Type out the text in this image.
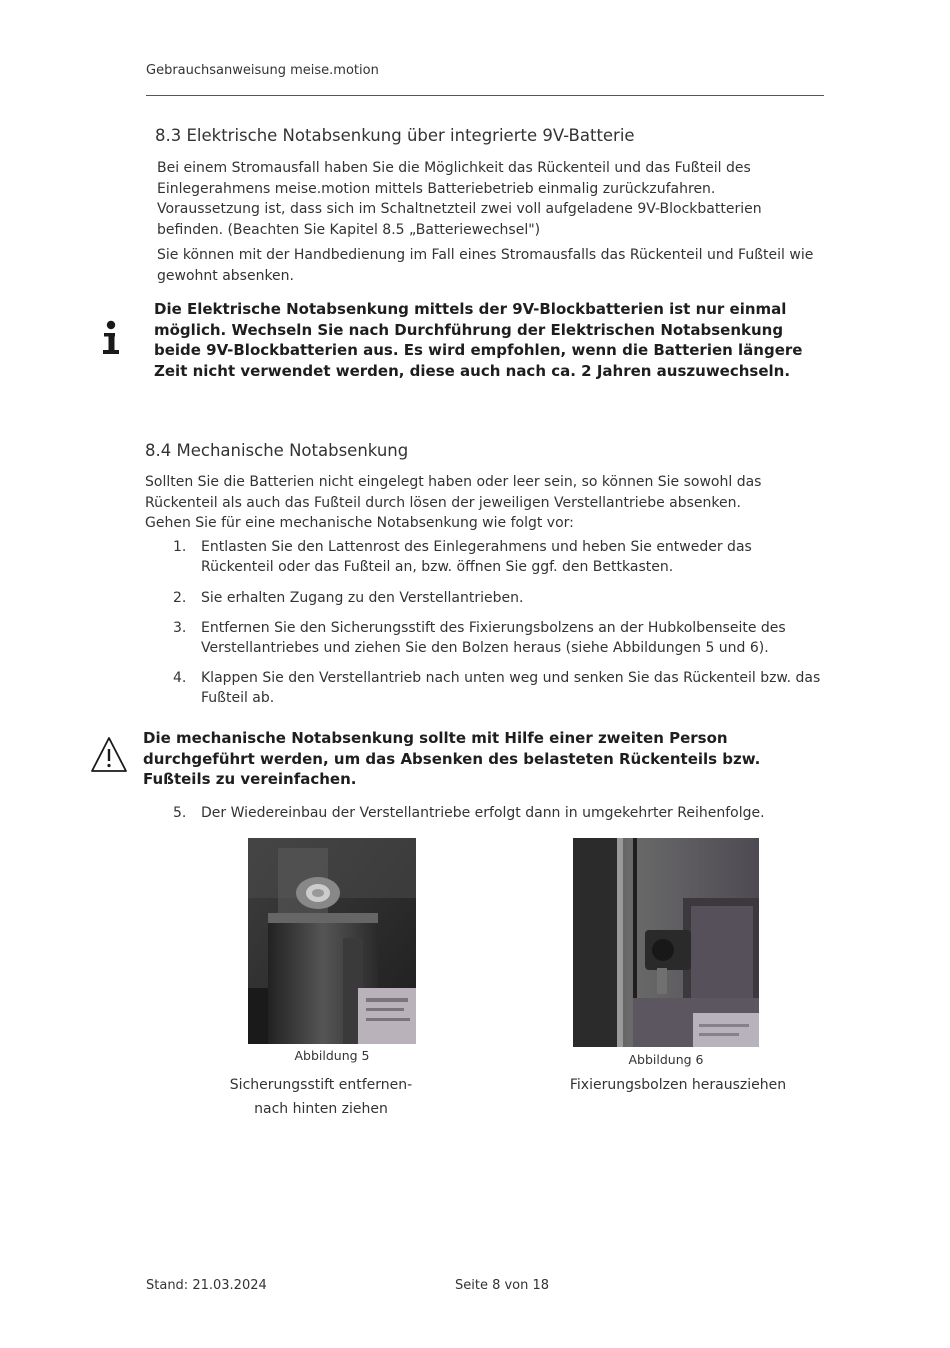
Gebrauchsanweisung meise.motion
8.3 Elektrische Notabsenkung über integrierte 9V-Batterie
Bei einem Stromausfall haben Sie die Möglichkeit das Rückenteil und das Fußteil des
Einlegerahmens meise.motion mittels Batteriebetrieb einmalig zurückzufahren.
Voraussetzung ist, dass sich im Schaltnetzteil zwei voll aufgeladene 9V-Blockbatterien
befinden. (Beachten Sie Kapitel 8.5 „Batteriewechsel")
Sie können mit der Handbedienung im Fall eines Stromausfalls das Rückenteil und Fußteil wie
gewohnt absenken.
Die Elektrische Notabsenkung mittels der 9V-Blockbatterien ist nur einmal
möglich. Wechseln Sie nach Durchführung der Elektrischen Notabsenkung
beide 9V-Blockbatterien aus. Es wird empfohlen, wenn die Batterien längere
Zeit nicht verwendet werden, diese auch nach ca. 2 Jahren auszuwechseln.
8.4 Mechanische Notabsenkung
Sollten Sie die Batterien nicht eingelegt haben oder leer sein, so können Sie sowohl das
Rückenteil als auch das Fußteil durch lösen der jeweiligen Verstellantriebe absenken.
Gehen Sie für eine mechanische Notabsenkung wie folgt vor:
1.	Entlasten Sie den Lattenrost des Einlegerahmens und heben Sie entweder das
Rückenteil oder das Fußteil an, bzw. öffnen Sie ggf. den Bettkasten.
2.	Sie erhalten Zugang zu den Verstellantrieben.
3.	Entfernen Sie den Sicherungsstift des Fixierungsbolzens an der Hubkolbenseite des
Verstellantriebes und ziehen Sie den Bolzen heraus (siehe Abbildungen 5 und 6).
4.	Klappen Sie den Verstellantrieb nach unten weg und senken Sie das Rückenteil bzw. das
Fußteil ab.
Die mechanische Notabsenkung sollte mit Hilfe einer zweiten Person
durchgeführt werden, um das Absenken des belasteten Rückenteils bzw.
Fußteils zu vereinfachen.
5.	Der Wiedereinbau der Verstellantriebe erfolgt dann in umgekehrter Reihenfolge.
Abbildung 5
Sicherungsstift entfernen-
nach hinten ziehen
Abbildung 6
Fixierungsbolzen herausziehen
Stand: 21.03.2024	Seite 8 von 18
